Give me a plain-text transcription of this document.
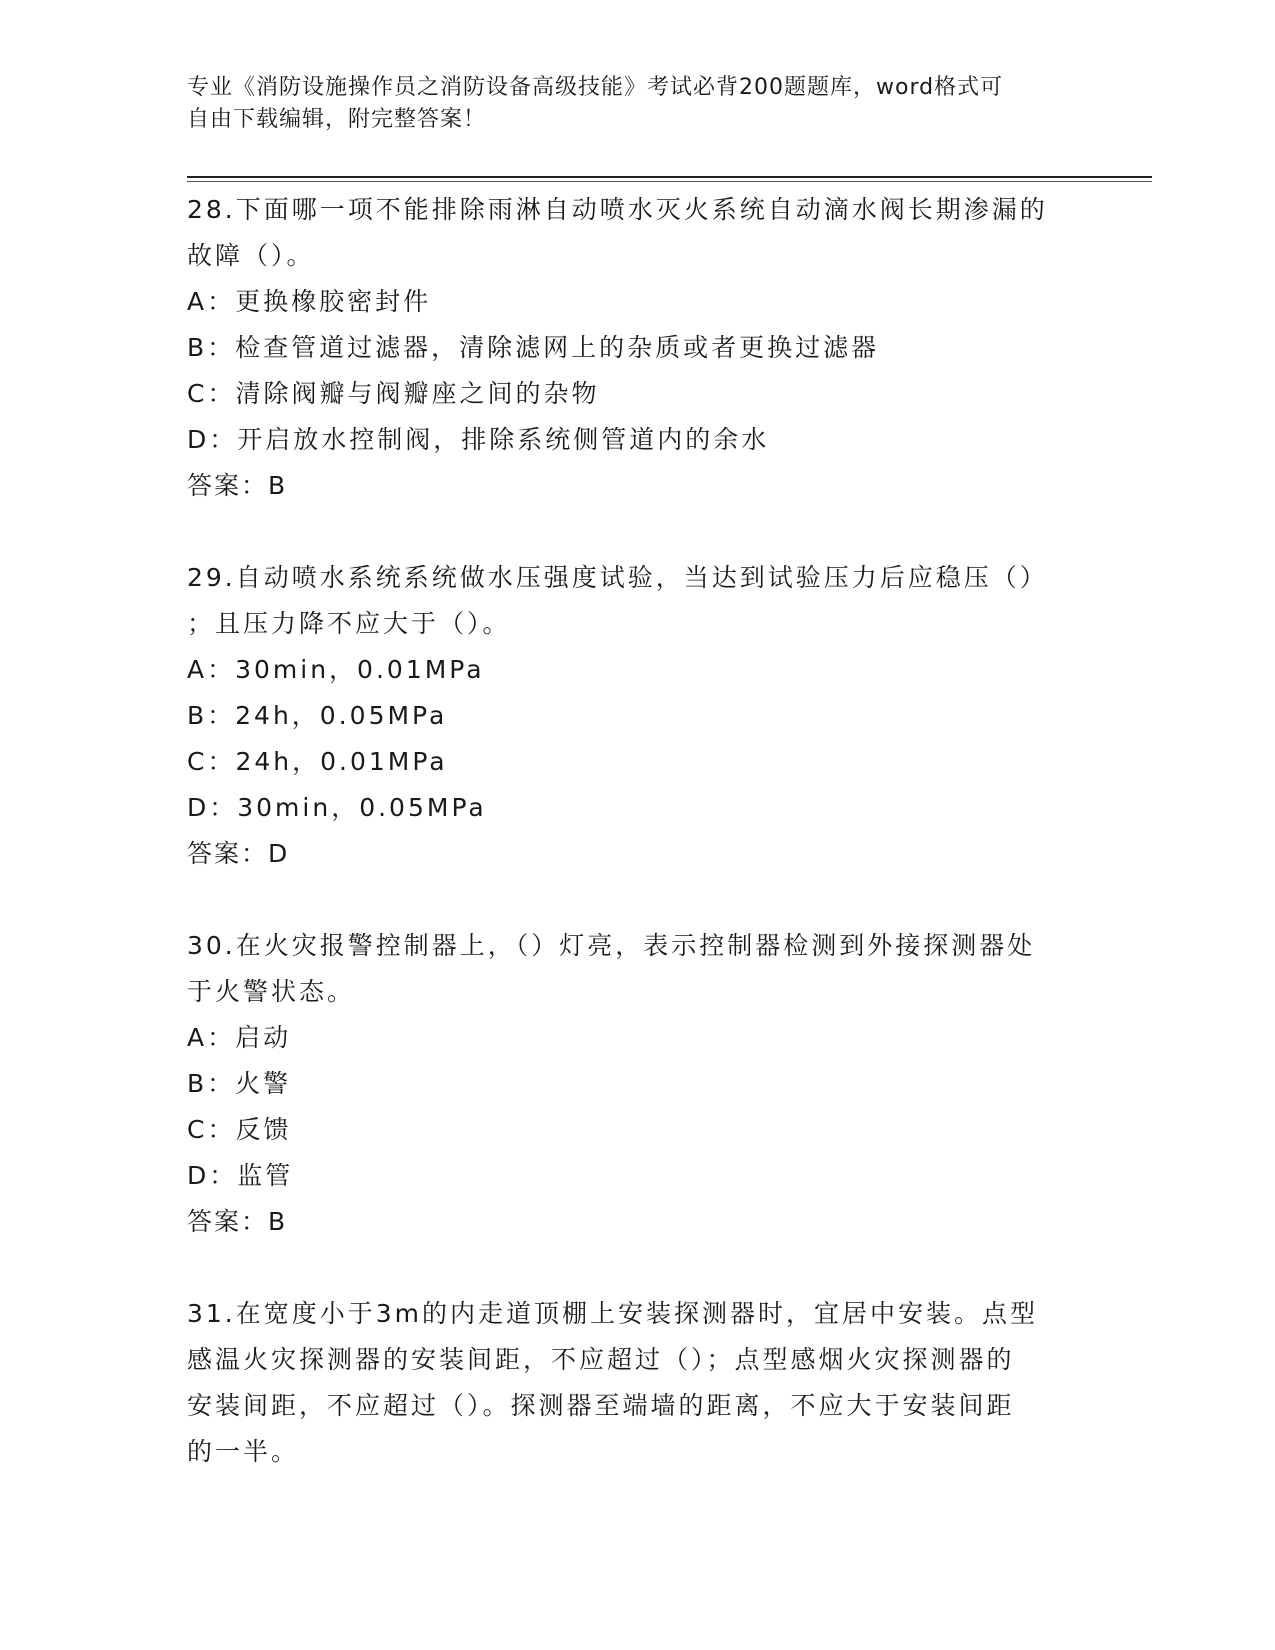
专业《消防设施操作员之消防设备高级技能》考试必背200题题库，word格式可
自由下载编辑，附完整答案！
28.下面哪一项不能排除雨淋自动喷水灭火系统自动滴水阀长期渗漏的
故障（）。
A：更换橡胶密封件
B：检查管道过滤器，清除滤网上的杂质或者更换过滤器
C：清除阀瓣与阀瓣座之间的杂物
D：开启放水控制阀，排除系统侧管道内的余水
答案：B
29.自动喷水系统系统做水压强度试验，当达到试验压力后应稳压（）
；且压力降不应大于（）。
A：30min，0.01MPa
B：24h，0.05MPa
C：24h，0.01MPa
D：30min，0.05MPa
答案：D
30.在火灾报警控制器上，（）灯亮，表示控制器检测到外接探测器处
于火警状态。
A：启动
B：火警
C：反馈
D：监管
答案：B
31.在宽度小于3m的内走道顶棚上安装探测器时，宜居中安装。点型
感温火灾探测器的安装间距，不应超过（）；点型感烟火灾探测器的
安装间距，不应超过（）。探测器至端墙的距离，不应大于安装间距
的一半。
